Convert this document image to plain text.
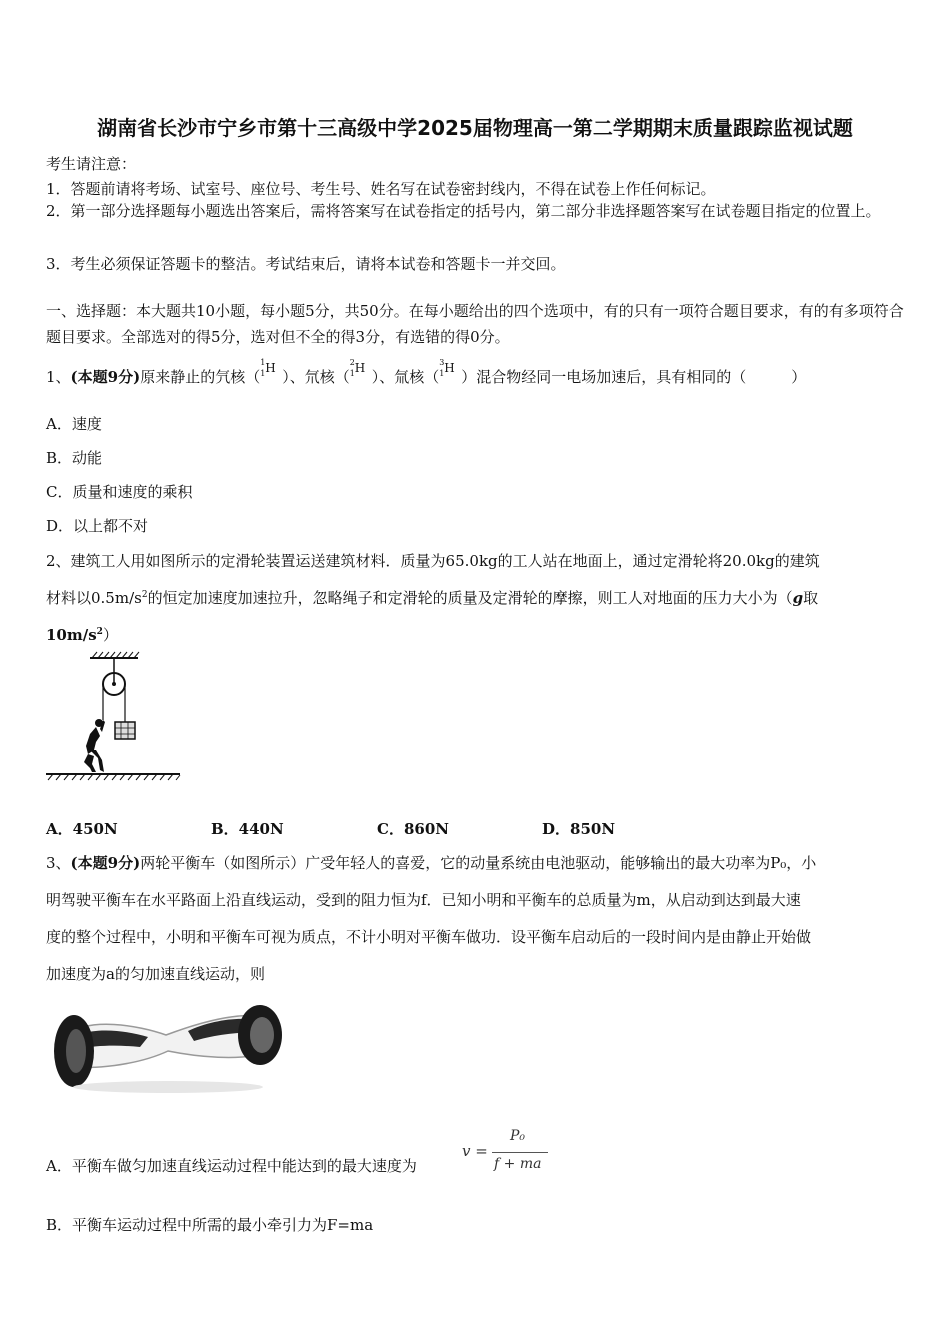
湖南省长沙市宁乡市第十三高级中学2025届物理高一第二学期期末质量跟踪监视试题
考生请注意：
1．答题前请将考场、试室号、座位号、考生号、姓名写在试卷密封线内，不得在试卷上作任何标记。
2．第一部分选择题每小题选出答案后，需将答案写在试卷指定的括号内，第二部分非选择题答案写在试卷题目指定的位置上。
3．考生必须保证答题卡的整洁。考试结束后，请将本试卷和答题卡一并交回。
一、选择题：本大题共10小题，每小题5分，共50分。在每小题给出的四个选项中，有的只有一项符合题目要求，有的有多项符合题目要求。全部选对的得5分，选对但不全的得3分，有选错的得0分。
1、(本题9分)原来静止的氕核（
1
1 H ）、氘核（
2
1 H ）、氚核（
3
1 H ）混合物经同一电场加速后，具有相同的（　　　）
A．速度
B．动能
C．质量和速度的乘积
D．以上都不对
2、建筑工人用如图所示的定滑轮装置运送建筑材料．质量为65.0kg的工人站在地面上，通过定滑轮将20.0kg的建筑
材料以$0.5m/s^2$的恒定加速度加速拉升，忽略绳子和定滑轮的质量及定滑轮的摩擦，则工人对地面的压力大小为（g取
$10m/s^2$）
A．450N	B．440N	C．860N	D．850N
3、(本题9分)两轮平衡车（如图所示）广受年轻人的喜爱，它的动量系统由电池驱动，能够输出的最大功率为P₀，小
明驾驶平衡车在水平路面上沿直线运动，受到的阻力恒为f．已知小明和平衡车的总质量为m，从启动到达到最大速
度的整个过程中，小明和平衡车可视为质点，不计小明对平衡车做功．设平衡车启动后的一段时间内是由静止开始做
加速度为a的匀加速直线运动，则
A．平衡车做匀加速直线运动过程中能达到的最大速度为
v =
P₀
f + ma
B．平衡车运动过程中所需的最小牵引力为F=ma
